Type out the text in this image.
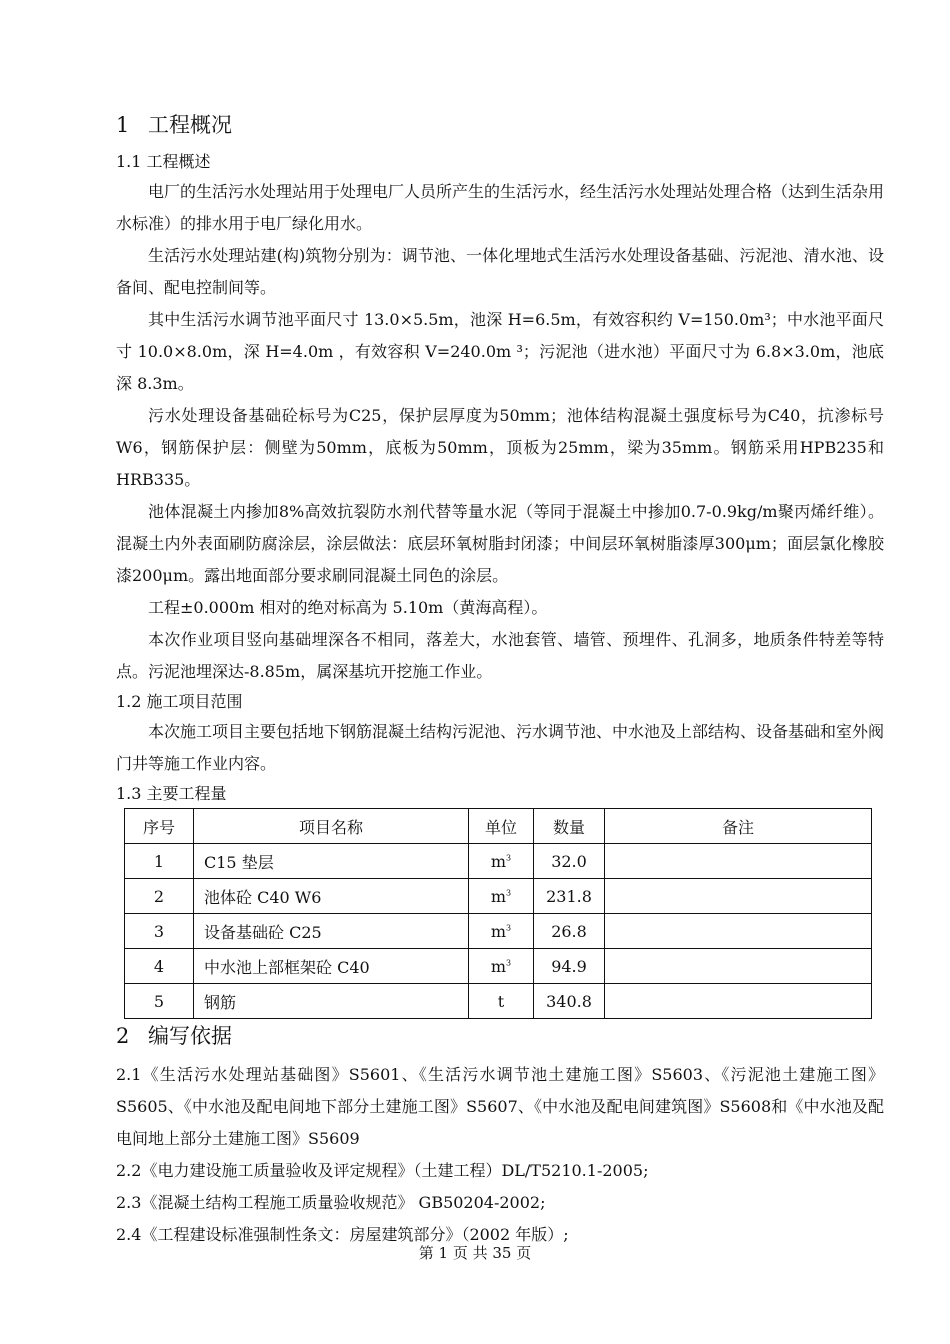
1 工程概况
1.1 工程概述

电厂的生活污水处理站用于处理电厂人员所产生的生活污水，经生活污水处理站处理合格（达到生活杂用水标准）的排水用于电厂绿化用水。

生活污水处理站建(构)筑物分别为：调节池、一体化埋地式生活污水处理设备基础、污泥池、清水池、设备间、配电控制间等。

其中生活污水调节池平面尺寸 13.0×5.5m，池深 H=6.5m，有效容积约 V=150.0m³；中水池平面尺寸 10.0×8.0m，深 H=4.0m ，有效容积 V=240.0m ³；污泥池（进水池）平面尺寸为 6.8×3.0m，池底深 8.3m。

污水处理设备基础砼标号为C25，保护层厚度为50mm；池体结构混凝土强度标号为C40，抗渗标号W6，钢筋保护层：侧壁为50mm，底板为50mm，顶板为25mm，梁为35mm。钢筋采用HPB235和HRB335。

池体混凝土内掺加8%高效抗裂防水剂代替等量水泥（等同于混凝土中掺加0.7-0.9kg/m聚丙烯纤维）。混凝土内外表面刷防腐涂层，涂层做法：底层环氧树脂封闭漆；中间层环氧树脂漆厚300μm；面层氯化橡胶漆200μm。露出地面部分要求刷同混凝土同色的涂层。

工程±0.000m 相对的绝对标高为 5.10m（黄海高程）。

本次作业项目竖向基础埋深各不相同，落差大，水池套管、墙管、预埋件、孔洞多，地质条件特差等特点。污泥池埋深达-8.85m，属深基坑开挖施工作业。

1.2 施工项目范围

本次施工项目主要包括地下钢筋混凝土结构污泥池、污水调节池、中水池及上部结构、设备基础和室外阀门井等施工作业内容。

1.3 主要工程量
序号	项目名称	单位	数量	备注
1	C15 垫层	$m^3$	32.0	
2	池体砼 C40 W6	$m^3$	231.8	
3	设备基础砼 C25	$m^3$	26.8	
4	中水池上部框架砼 C40	$m^3$	94.9	
5	钢筋	t	340.8	
2 编写依据

2.1《生活污水处理站基础图》S5601、《生活污水调节池土建施工图》S5603、《污泥池土建施工图》S5605、《中水池及配电间地下部分土建施工图》S5607、《中水池及配电间建筑图》S5608和《中水池及配电间地上部分土建施工图》S5609

2.2《电力建设施工质量验收及评定规程》（土建工程）DL/T5210.1-2005;

2.3《混凝土结构工程施工质量验收规范》 GB50204-2002;

2.4《工程建设标准强制性条文：房屋建筑部分》（2002 年版）;

第 1 页 共 35 页
